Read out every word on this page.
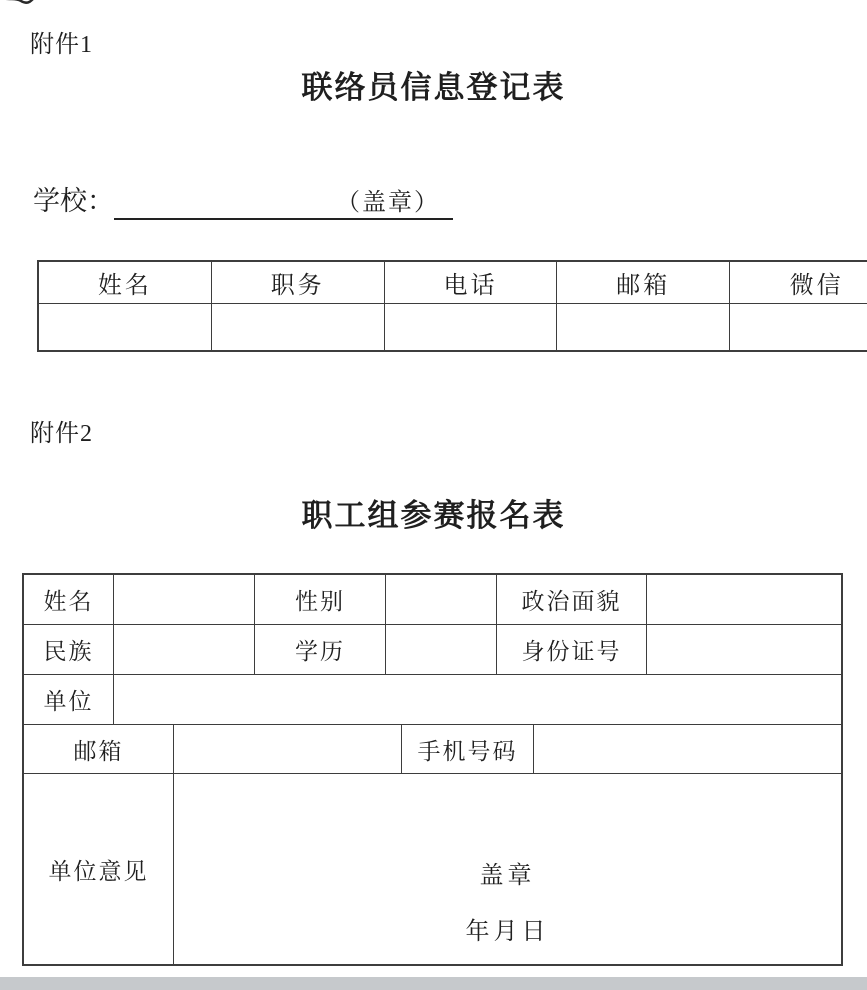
附件1
联络员信息登记表
学校：	（盖章）
姓名	职务	电话	邮箱	微信
附件2
职工组参赛报名表
姓名	性别	政治面貌
民族	学历	身份证号
单位
邮箱	手机号码
单位意见	盖章
年月日
